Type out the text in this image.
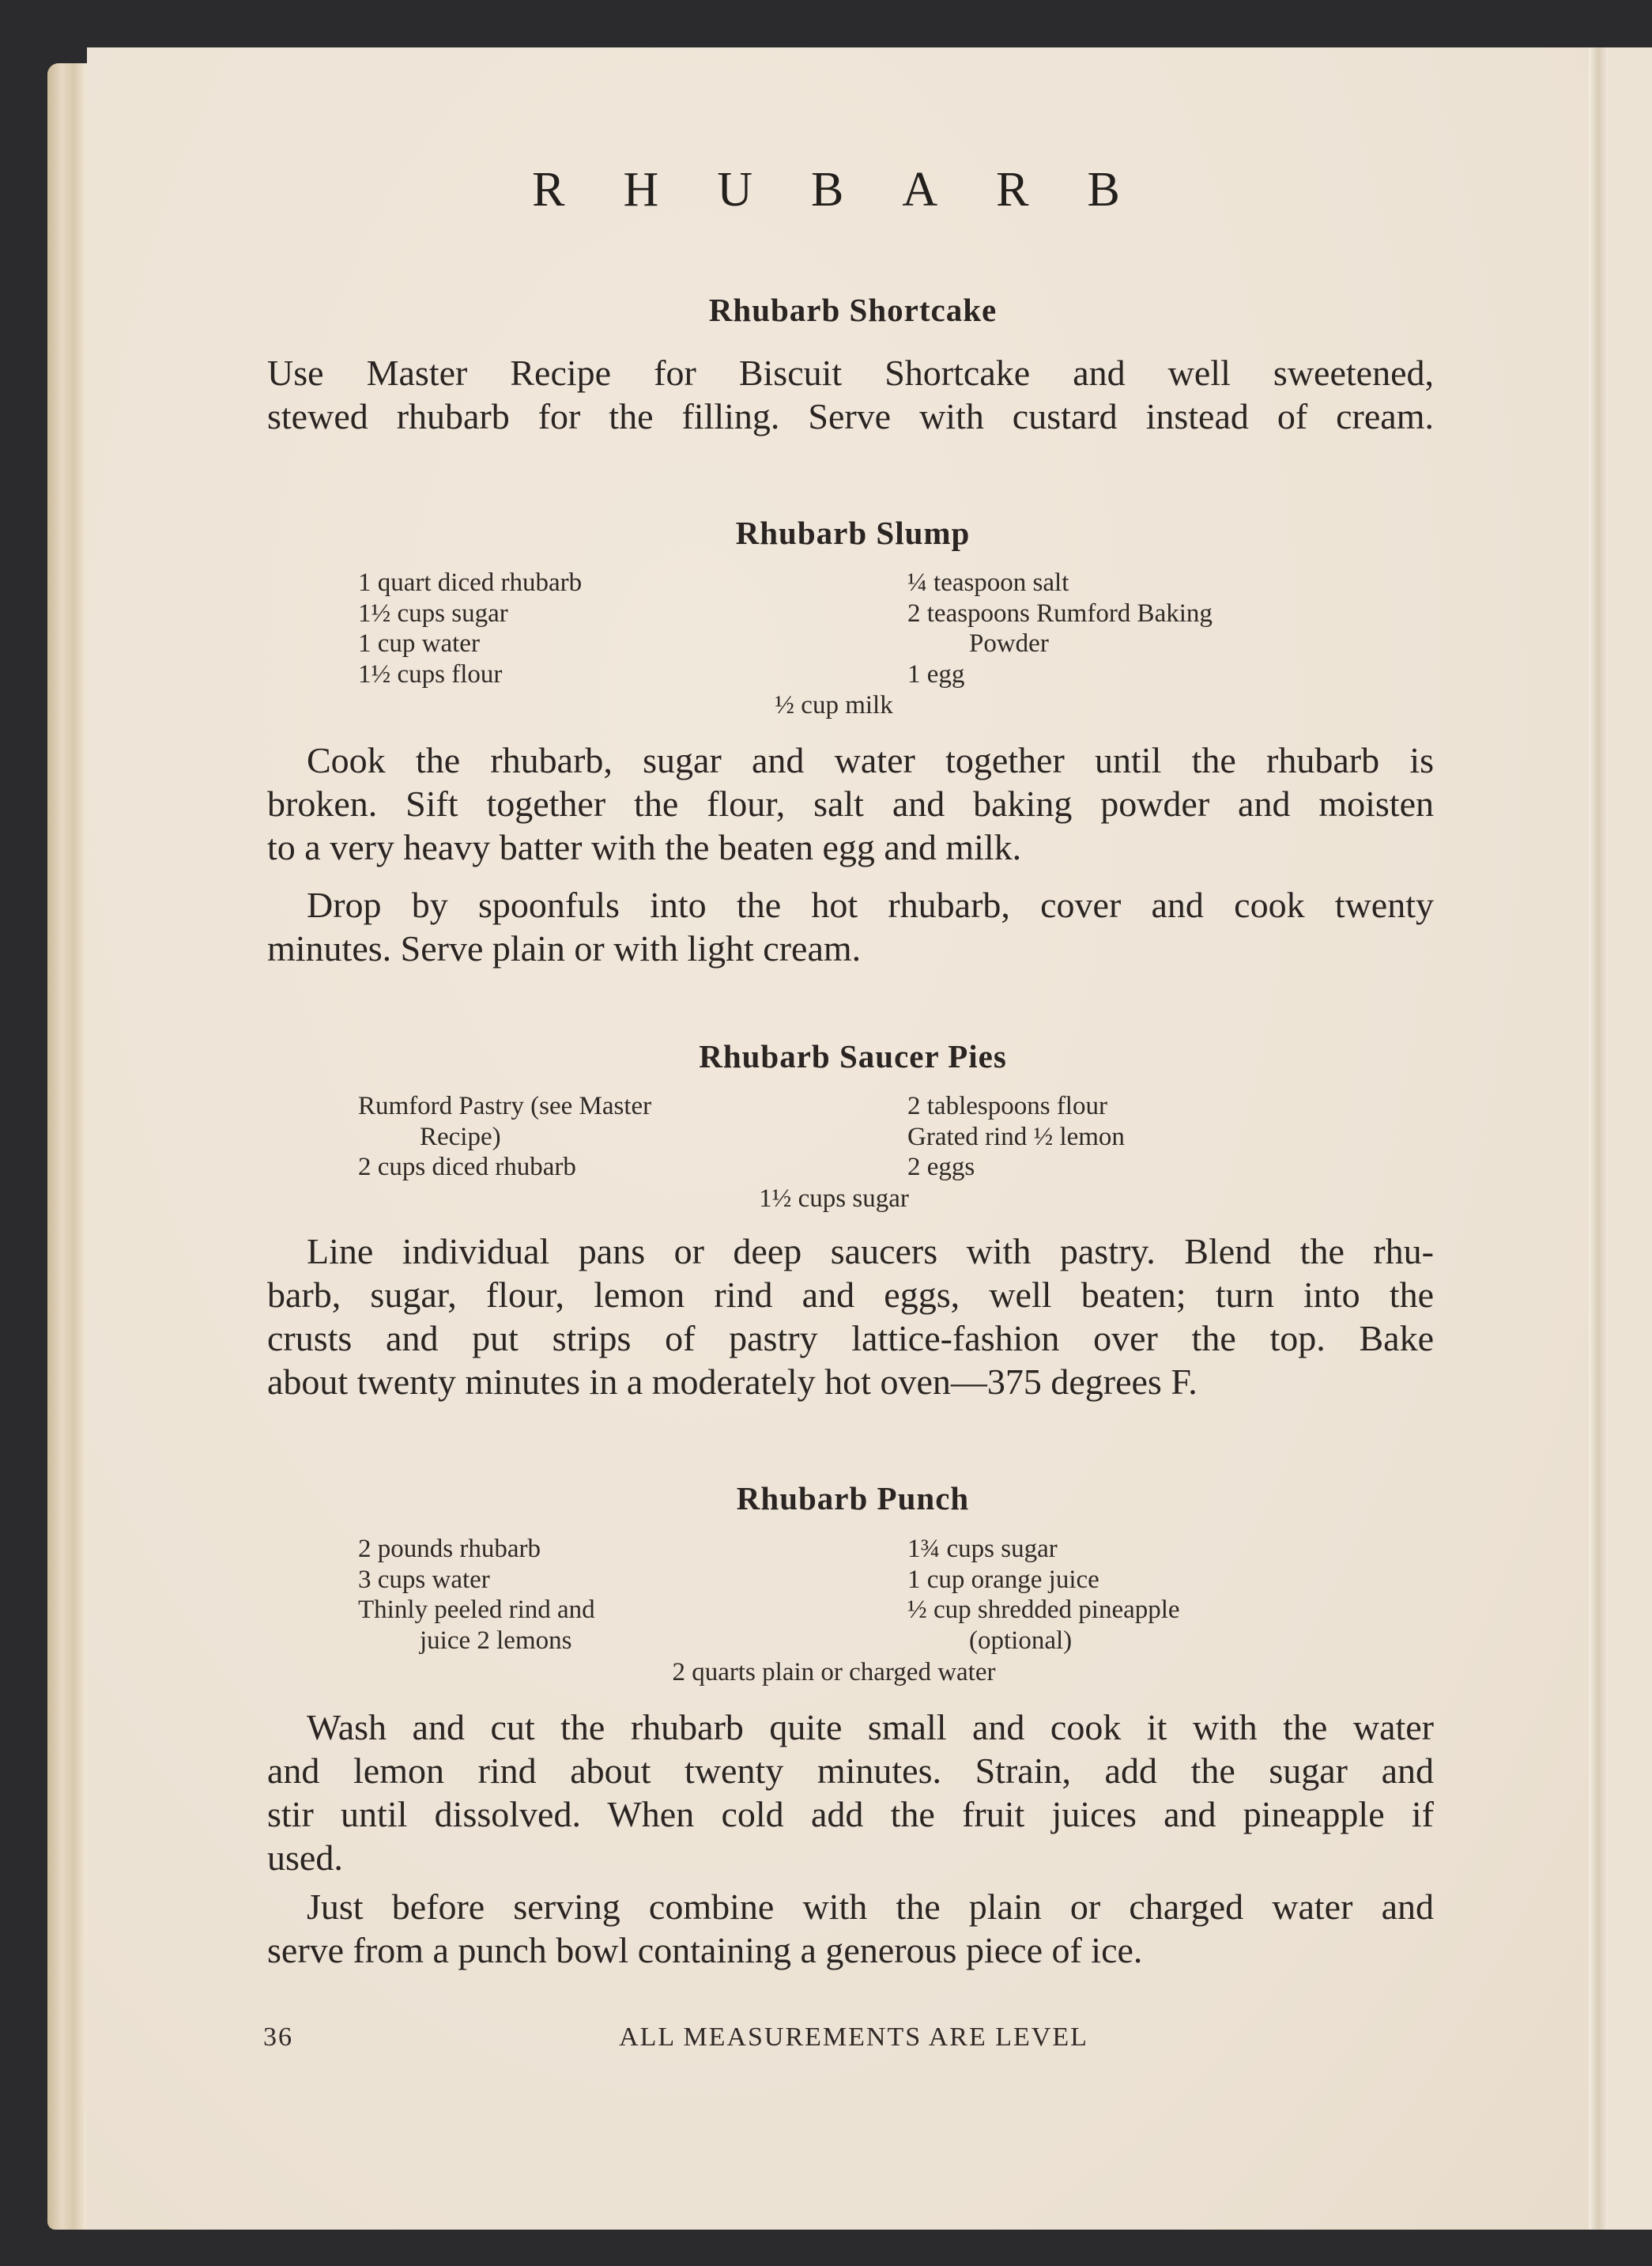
RHUBARB
Rhubarb Shortcake
Use Master Recipe for Biscuit Shortcake and well sweetened,
stewed rhubarb for the filling. Serve with custard instead of cream.
Rhubarb Slump
1 quart diced rhubarb
1½ cups sugar
1 cup water
1½ cups flour
¼ teaspoon salt
2 teaspoons Rumford Baking
Powder
1 egg
½ cup milk
Cook the rhubarb, sugar and water together until the rhubarb is
broken. Sift together the flour, salt and baking powder and moisten
to a very heavy batter with the beaten egg and milk.
Drop by spoonfuls into the hot rhubarb, cover and cook twenty
minutes. Serve plain or with light cream.
Rhubarb Saucer Pies
Rumford Pastry (see Master
Recipe)
2 cups diced rhubarb
2 tablespoons flour
Grated rind ½ lemon
2 eggs
1½ cups sugar
Line individual pans or deep saucers with pastry. Blend the rhu-
barb, sugar, flour, lemon rind and eggs, well beaten; turn into the
crusts and put strips of pastry lattice-fashion over the top. Bake
about twenty minutes in a moderately hot oven—375 degrees F.
Rhubarb Punch
2 pounds rhubarb
3 cups water
Thinly peeled rind and
juice 2 lemons
1¾ cups sugar
1 cup orange juice
½ cup shredded pineapple
(optional)
2 quarts plain or charged water
Wash and cut the rhubarb quite small and cook it with the water
and lemon rind about twenty minutes. Strain, add the sugar and
stir until dissolved. When cold add the fruit juices and pineapple if
used.
Just before serving combine with the plain or charged water and
serve from a punch bowl containing a generous piece of ice.
36	ALL MEASUREMENTS ARE LEVEL
